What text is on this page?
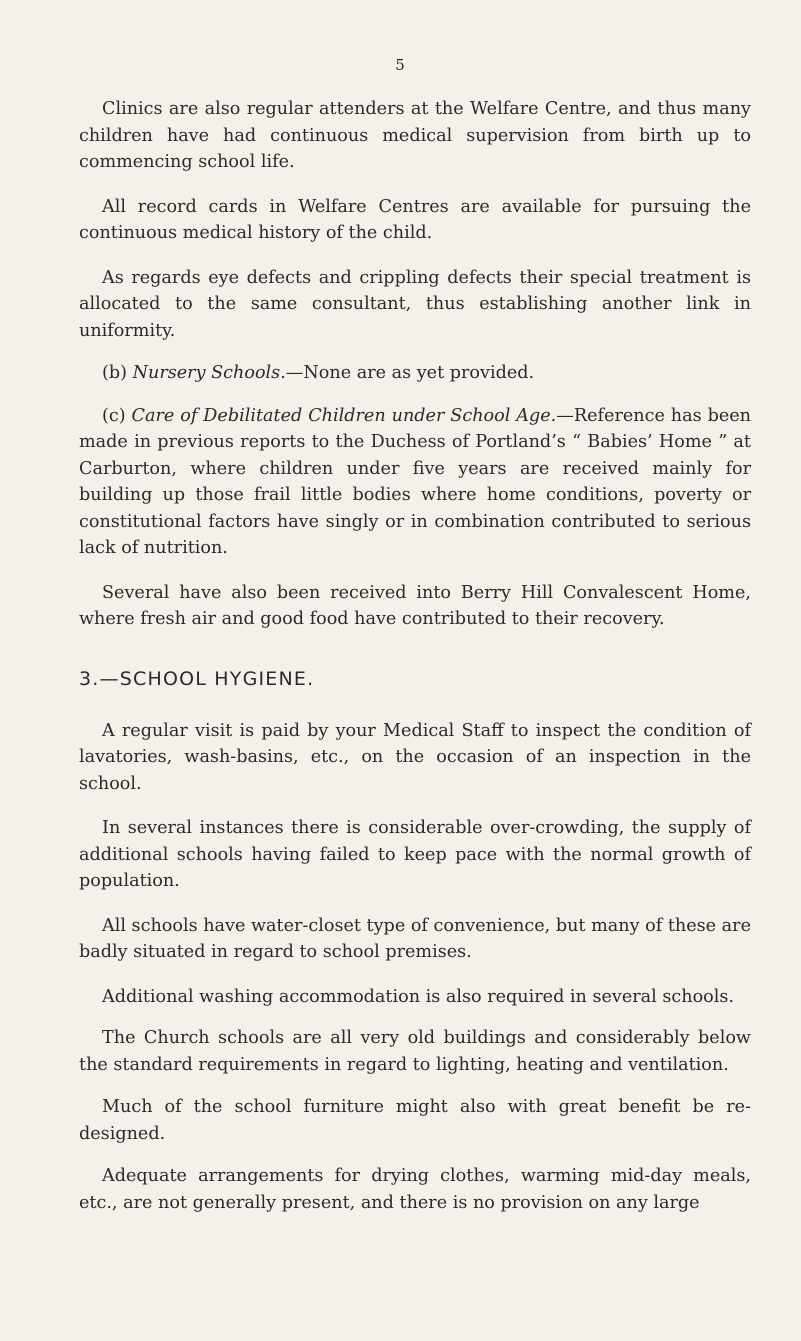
5

Clinics are also regular attenders at the Welfare Centre, and thus many children have had continuous medical supervision from birth up to commencing school life.

All record cards in Welfare Centres are available for pursuing the continuous medical history of the child.

As regards eye defects and crippling defects their special treatment is allocated to the same consultant, thus establishing another link in uniformity.

(b) Nursery Schools.—None are as yet provided.

(c) Care of Debilitated Children under School Age.—Reference has been made in previous reports to the Duchess of Portland’s “ Babies’ Home ” at Carburton, where children under five years are received mainly for building up those frail little bodies where home conditions, poverty or constitutional factors have singly or in combination contributed to serious lack of nutrition.

Several have also been received into Berry Hill Convalescent Home, where fresh air and good food have contributed to their recovery.

3.—SCHOOL HYGIENE.

A regular visit is paid by your Medical Staff to inspect the condition of lavatories, wash-basins, etc., on the occasion of an inspection in the school.

In several instances there is considerable over-crowding, the supply of additional schools having failed to keep pace with the normal growth of population.

All schools have water-closet type of convenience, but many of these are badly situated in regard to school premises.

Additional washing accommodation is also required in several schools.

The Church schools are all very old buildings and considerably below the standard requirements in regard to lighting, heating and ventilation.

Much of the school furniture might also with great benefit be re-designed.

Adequate arrangements for drying clothes, warming mid-day meals, etc., are not generally present, and there is no provision on any large
